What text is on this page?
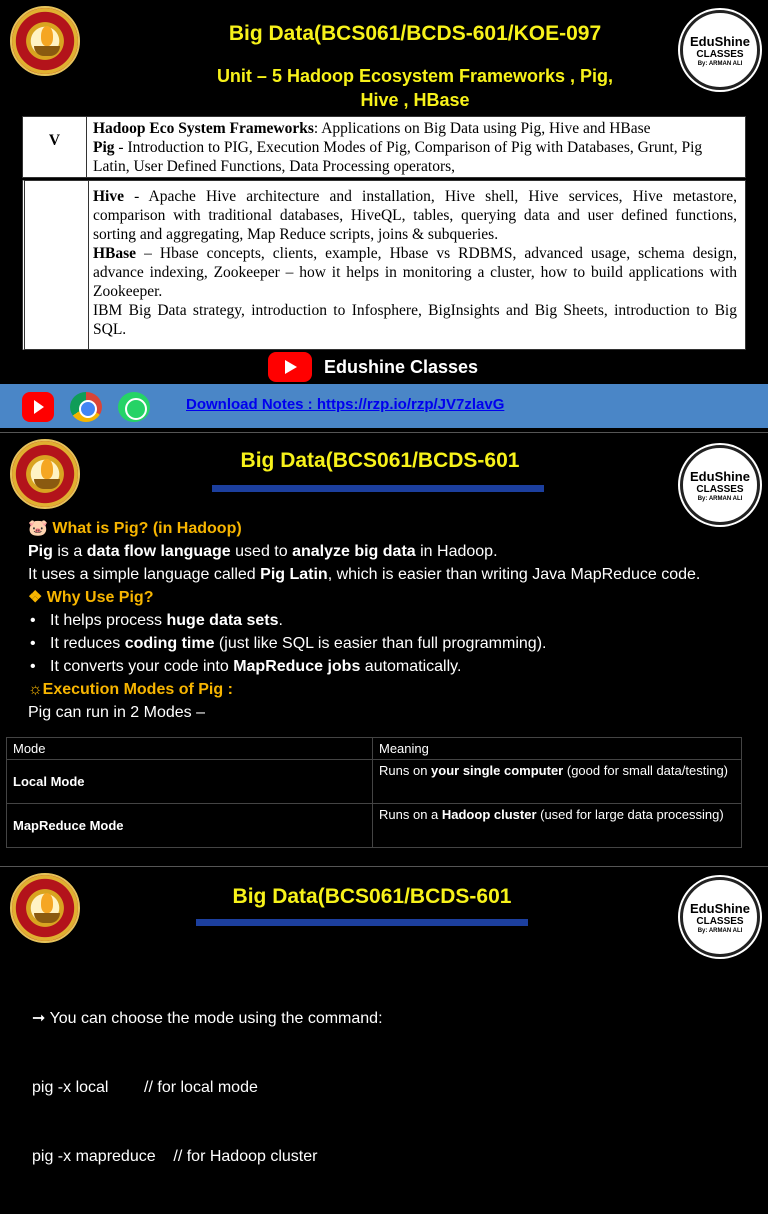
EduShine
CLASSES
By: ARMAN ALI
Big Data(BCS061/BCDS-601/KOE-097
Unit – 5 Hadoop Ecosystem Frameworks , Pig,
Hive , HBase
V
Hadoop Eco System Frameworks: Applications on Big Data using Pig, Hive and HBase
Pig - Introduction to PIG, Execution Modes of Pig, Comparison of Pig with Databases, Grunt, Pig Latin, User Defined Functions, Data Processing operators,
Hive - Apache Hive architecture and installation, Hive shell, Hive services, Hive metastore, comparison with traditional databases, HiveQL, tables, querying data and user defined functions, sorting and aggregating, Map Reduce scripts, joins & subqueries.
HBase – Hbase concepts, clients, example, Hbase vs RDBMS, advanced usage, schema design, advance indexing, Zookeeper – how it helps in monitoring a cluster, how to build applications with Zookeeper.
IBM Big Data strategy, introduction to Infosphere, BigInsights and Big Sheets, introduction to Big SQL.
Edushine Classes
Download Notes : https://rzp.io/rzp/JV7zlavG
EduShine
CLASSES
By: ARMAN ALI
Big Data(BCS061/BCDS-601
🐷 What is Pig? (in Hadoop)
Pig is a data flow language used to analyze big data in Hadoop.
It uses a simple language called Pig Latin, which is easier than writing Java MapReduce code.
❖ Why Use Pig?
• It helps process huge data sets.
• It reduces coding time (just like SQL is easier than full programming).
• It converts your code into MapReduce jobs automatically.
☼Execution Modes of Pig :
Pig can run in 2 Modes –
Mode	Meaning
Local Mode	Runs on your single computer (good for small data/testing)
MapReduce Mode	Runs on a Hadoop cluster (used for large data processing)
EduShine
CLASSES
By: ARMAN ALI
Big Data(BCS061/BCDS-601

➞ You can choose the mode using the command:

pig -x local        // for local mode

pig -x mapreduce    // for Hadoop cluster
